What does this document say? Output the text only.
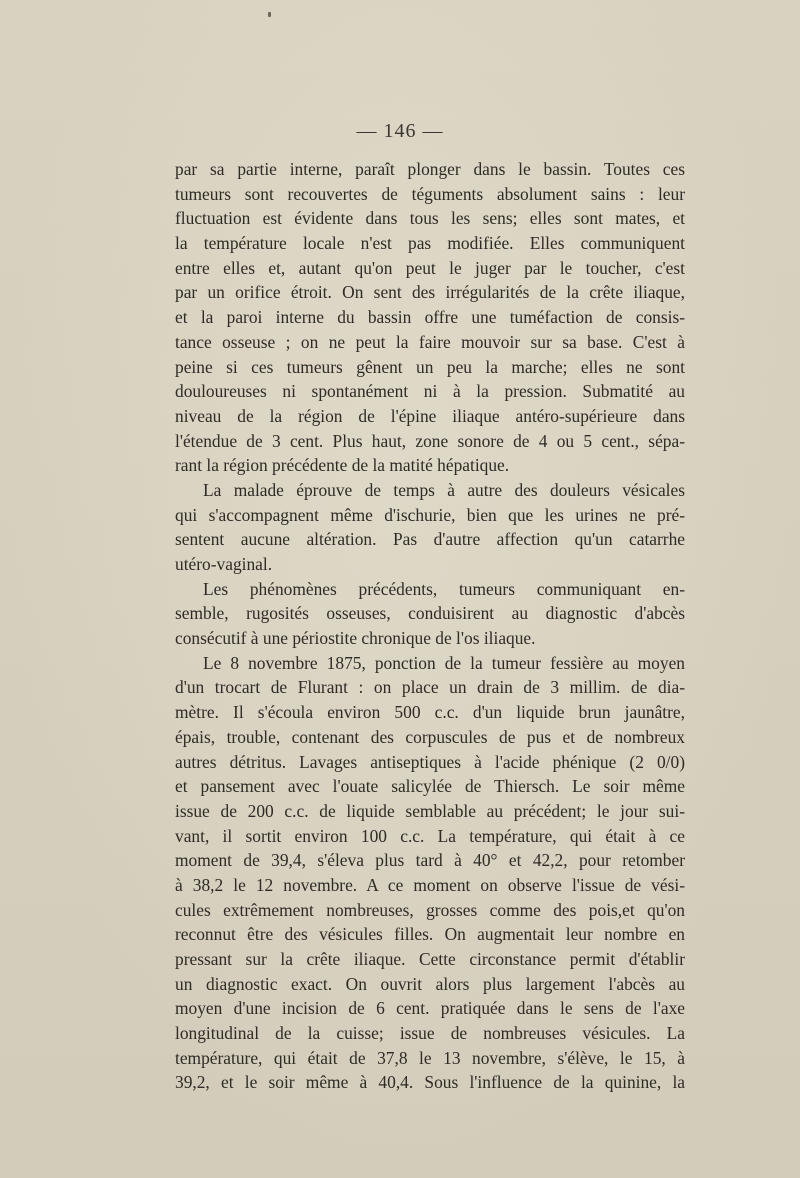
— 146 —
par sa partie interne, paraît plonger dans le bassin. Toutes ces
tumeurs sont recouvertes de téguments absolument sains : leur
fluctuation est évidente dans tous les sens; elles sont mates, et
la température locale n'est pas modifiée. Elles communiquent
entre elles et, autant qu'on peut le juger par le toucher, c'est
par un orifice étroit. On sent des irrégularités de la crête iliaque,
et la paroi interne du bassin offre une tuméfaction de consis-
tance osseuse ; on ne peut la faire mouvoir sur sa base. C'est à
peine si ces tumeurs gênent un peu la marche; elles ne sont
douloureuses ni spontanément ni à la pression. Submatité au
niveau de la région de l'épine iliaque antéro-supérieure dans
l'étendue de 3 cent. Plus haut, zone sonore de 4 ou 5 cent., sépa-
rant la région précédente de la matité hépatique.
La malade éprouve de temps à autre des douleurs vésicales
qui s'accompagnent même d'ischurie, bien que les urines ne pré-
sentent aucune altération. Pas d'autre affection qu'un catarrhe
utéro-vaginal.
Les phénomènes précédents, tumeurs communiquant en-
semble, rugosités osseuses, conduisirent au diagnostic d'abcès
consécutif à une périostite chronique de l'os iliaque.
Le 8 novembre 1875, ponction de la tumeur fessière au moyen
d'un trocart de Flurant : on place un drain de 3 millim. de dia-
mètre. Il s'écoula environ 500 c.c. d'un liquide brun jaunâtre,
épais, trouble, contenant des corpuscules de pus et de nombreux
autres détritus. Lavages antiseptiques à l'acide phénique (2 0/0)
et pansement avec l'ouate salicylée de Thiersch. Le soir même
issue de 200 c.c. de liquide semblable au précédent; le jour sui-
vant, il sortit environ 100 c.c. La température, qui était à ce
moment de 39,4, s'éleva plus tard à 40° et 42,2, pour retomber
à 38,2 le 12 novembre. A ce moment on observe l'issue de vési-
cules extrêmement nombreuses, grosses comme des pois,et qu'on
reconnut être des vésicules filles. On augmentait leur nombre en
pressant sur la crête iliaque. Cette circonstance permit d'établir
un diagnostic exact. On ouvrit alors plus largement l'abcès au
moyen d'une incision de 6 cent. pratiquée dans le sens de l'axe
longitudinal de la cuisse; issue de nombreuses vésicules. La
température, qui était de 37,8 le 13 novembre, s'élève, le 15, à
39,2, et le soir même à 40,4. Sous l'influence de la quinine, la
